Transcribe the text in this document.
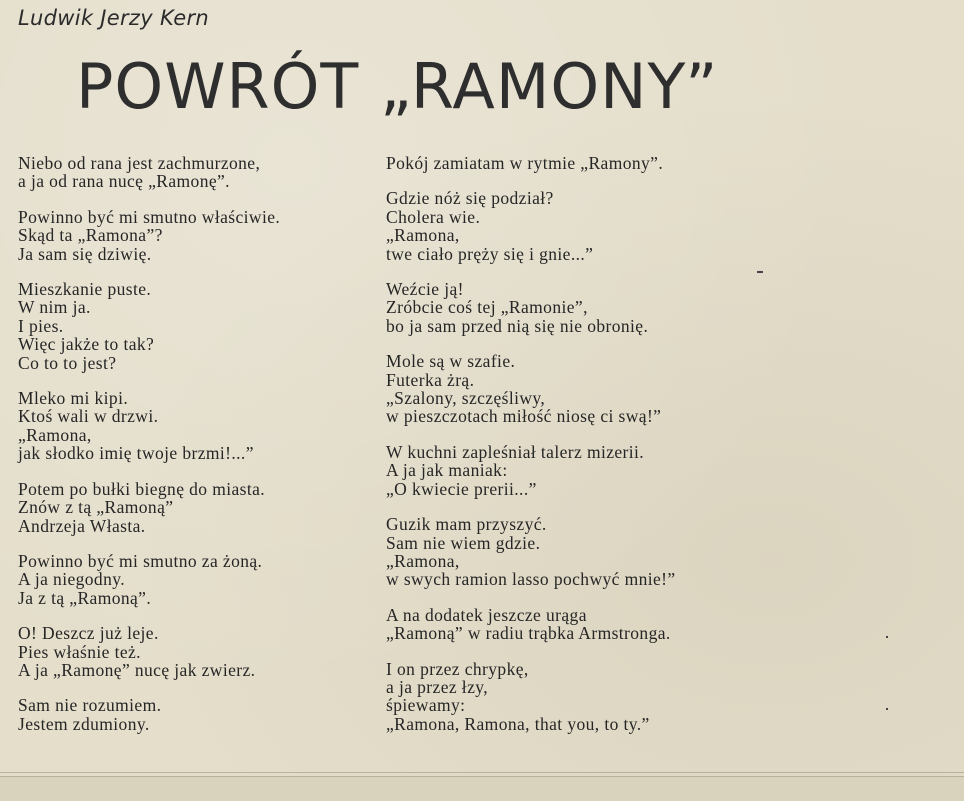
Ludwik Jerzy Kern
POWRÓT „RAMONY”
Niebo od rana jest zachmurzone,
a ja od rana nucę „Ramonę”.
Powinno być mi smutno właściwie.
Skąd ta „Ramona”?
Ja sam się dziwię.
Mieszkanie puste.
W nim ja.
I pies.
Więc jakże to tak?
Co to to jest?
Mleko mi kipi.
Ktoś wali w drzwi.
„Ramona,
jak słodko imię twoje brzmi!...”
Potem po bułki biegnę do miasta.
Znów z tą „Ramoną”
Andrzeja Własta.
Powinno być mi smutno za żoną.
A ja niegodny.
Ja z tą „Ramoną”.
O! Deszcz już leje.
Pies właśnie też.
A ja „Ramonę” nucę jak zwierz.
Sam nie rozumiem.
Jestem zdumiony.
Pokój zamiatam w rytmie „Ramony”.
Gdzie nóż się podział?
Cholera wie.
„Ramona,
twe ciało pręży się i gnie...”
Weźcie ją!
Zróbcie coś tej „Ramonie”,
bo ja sam przed nią się nie obronię.
Mole są w szafie.
Futerka żrą.
„Szalony, szczęśliwy,
w pieszczotach miłość niosę ci swą!”
W kuchni zapleśniał talerz mizerii.
A ja jak maniak:
„O kwiecie prerii...”
Guzik mam przyszyć.
Sam nie wiem gdzie.
„Ramona,
w swych ramion lasso pochwyć mnie!”
A na dodatek jeszcze urąga
„Ramoną” w radiu trąbka Armstronga.
I on przez chrypkę,
a ja przez łzy,
śpiewamy:
„Ramona, Ramona, that you, to ty.”
